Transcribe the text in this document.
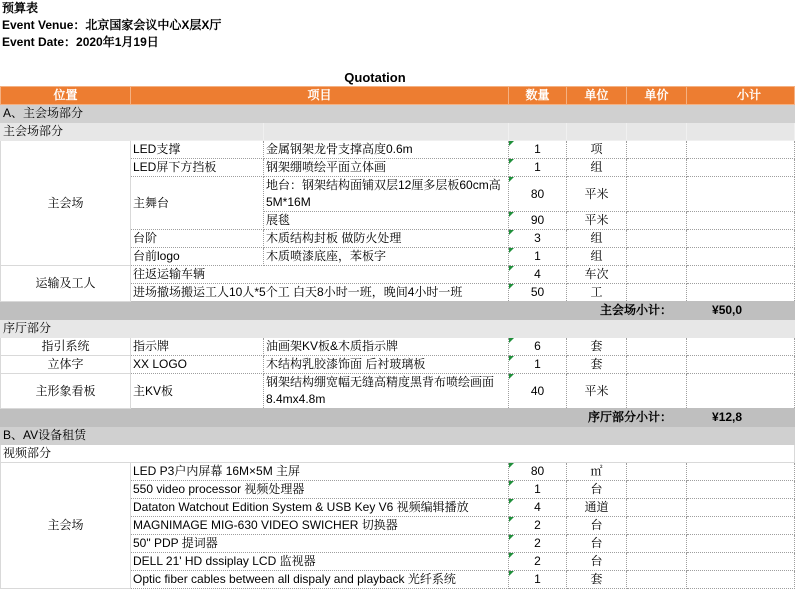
预算表
Event Venue：北京国家会议中心X层X厅
Event Date：2020年1月19日
Quotation
位置	项目		数量	单位	单价	小计
A、主会场部分						
主会场部分						
主会场	LED支撑	金属钢架龙骨支撑高度0.6m	1	项		
	LED屏下方挡板	钢架绷喷绘平面立体画	1	组		
	主舞台	地台：钢架结构面铺双层12厘多层板60cm高 5M*16M	80	平米		
		展毯	90	平米		
	台阶	木质结构封板 做防火处理	3	组		
	台前logo	木质喷漆底座，苯板字	1	组		
运输及工人	往返运输车辆		4	车次		
	进场撤场搬运工人10人*5个工 白天8小时一班，晚间4小时一班		50	工		
主会场小计：						¥50,0
序厅部分						
指引系统	指示牌	油画架KV板&木质指示牌	6	套		
立体字	XX LOGO	木结构乳胶漆饰面 后衬玻璃板	1	套		
主形象看板	主KV板	钢架结构绷宽幅无缝高精度黑背布喷绘画面8.4mx4.8m	40	平米		
序厅部分小计：						¥12,8
B、AV设备租赁						
视频部分						
主会场	LED P3户内屏幕 16M×5M 主屏		80	㎡		
	550 video processor 视频处理器		1	台		
	Dataton Watchout Edition System & USB Key V6 视频编辑播放		4	通道		
	MAGNIMAGE MIG-630 VIDEO SWICHER 切换器		2	台		
	50" PDP 提词器		2	台		
	DELL 21' HD dssiplay LCD 监视器		2	台		
	Optic fiber cables between all dispaly and playback 光纤系统		1	套		
